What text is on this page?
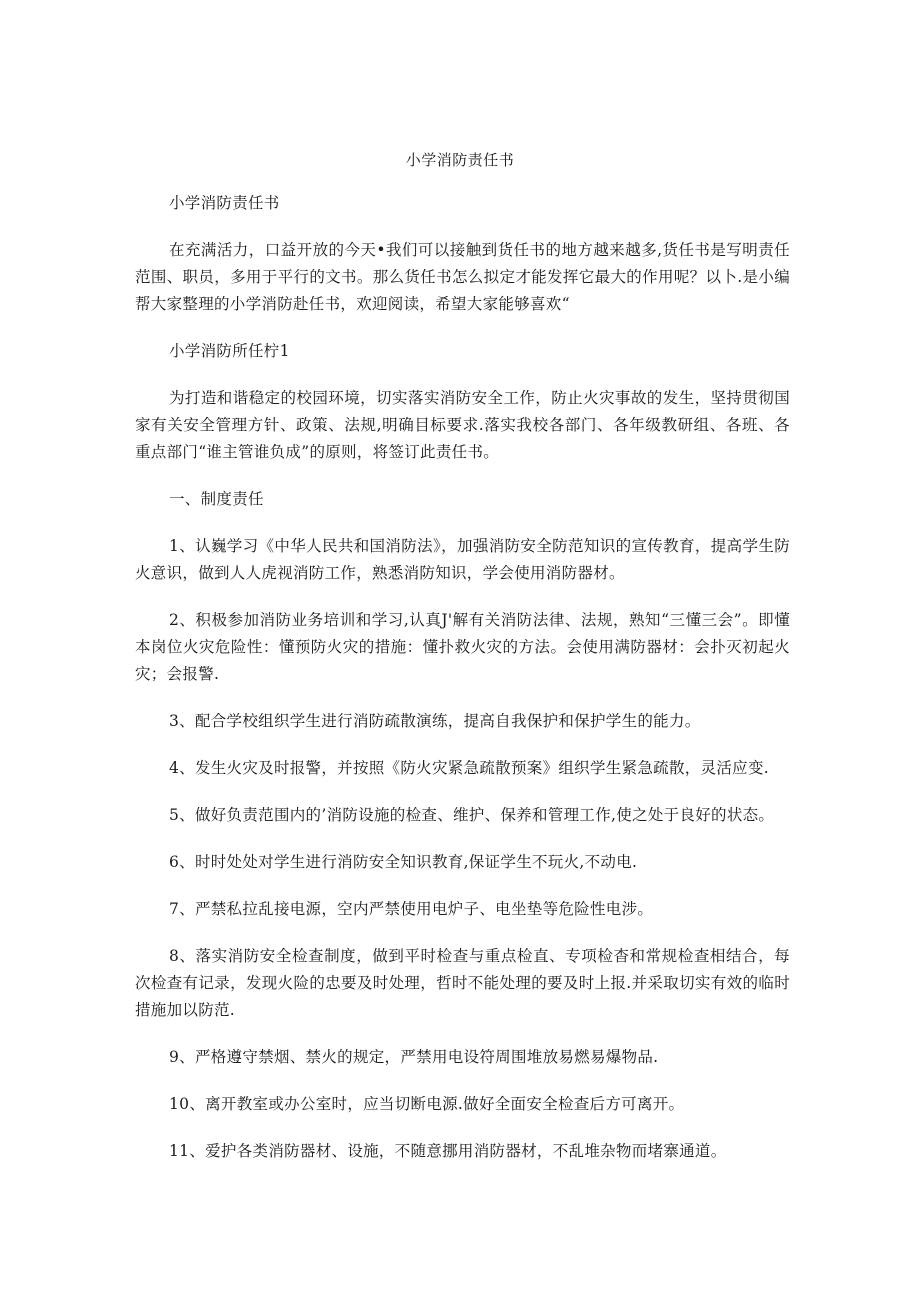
小学消防责任书

小学消防责任书

在充满活力，口益开放的今天•我们可以接触到货任书的地方越来越多,货任书是写明责任范围、职员，多用于平行的文书。那么货任书怎么拟定才能发挥它最大的作用呢？以卜.是小编帮大家整理的小学消防赴任书，欢迎阅读，希望大家能够喜欢“

小学消防所任柠1

为打造和谐稳定的校园环境，切实落实消防安全工作，防止火灾事故的发生，坚持贯彻国家有关安全管理方针、政策、法规,明确目标要求.落实我校各部门、各年级教研组、各班、各重点部门“谁主管谁负成”的原则，将签订此责任书。

一、制度责任

1、认巍学习《中华人民共和国消防法》，加强消防安全防范知识的宣传教育，提高学生防火意识，做到人人虎视消防工作，熟悉消防知识，学会使用消防器材。

2、积极参加消防业务培训和学习,认真J'解有关消防法律、法规，熟知“三懂三会”。即懂本岗位火灾危险性：懂预防火灾的措施：懂扑救火灾的方法。会使用满防器材：会扑灭初起火灾；会报警.

3、配合学校组织学生进行消防疏散演练，提高自我保护和保护学生的能力。

4、发生火灾及时报警，并按照《防火灾紧急疏散预案》组织学生紧急疏散，灵活应变.

5、做好负责范围内的’消防设施的检查、维护、保养和管理工作,使之处于良好的状态。

6、时时处处对学生进行消防安全知识教育,保证学生不玩火,不动电.

7、严禁私拉乱接电源，空内严禁使用电炉子、电坐垫等危险性电涉。

8、落实消防安全检查制度，做到平时检查与重点检直、专项检杳和常规检查相结合，每次检查有记录，发现火险的忠要及时处理，哲时不能处理的要及时上报.并采取切实有效的临时措施加以防范.

9、严格遵守禁烟、禁火的规定，严禁用电设符周围堆放易燃易爆物品.

10、离开教室或办公室时，应当切断电源.做好全面安全检查后方可离开。

11、爱护各类消防器材、设施，不随意挪用消防器材，不乱堆杂物而堵寨通道。
